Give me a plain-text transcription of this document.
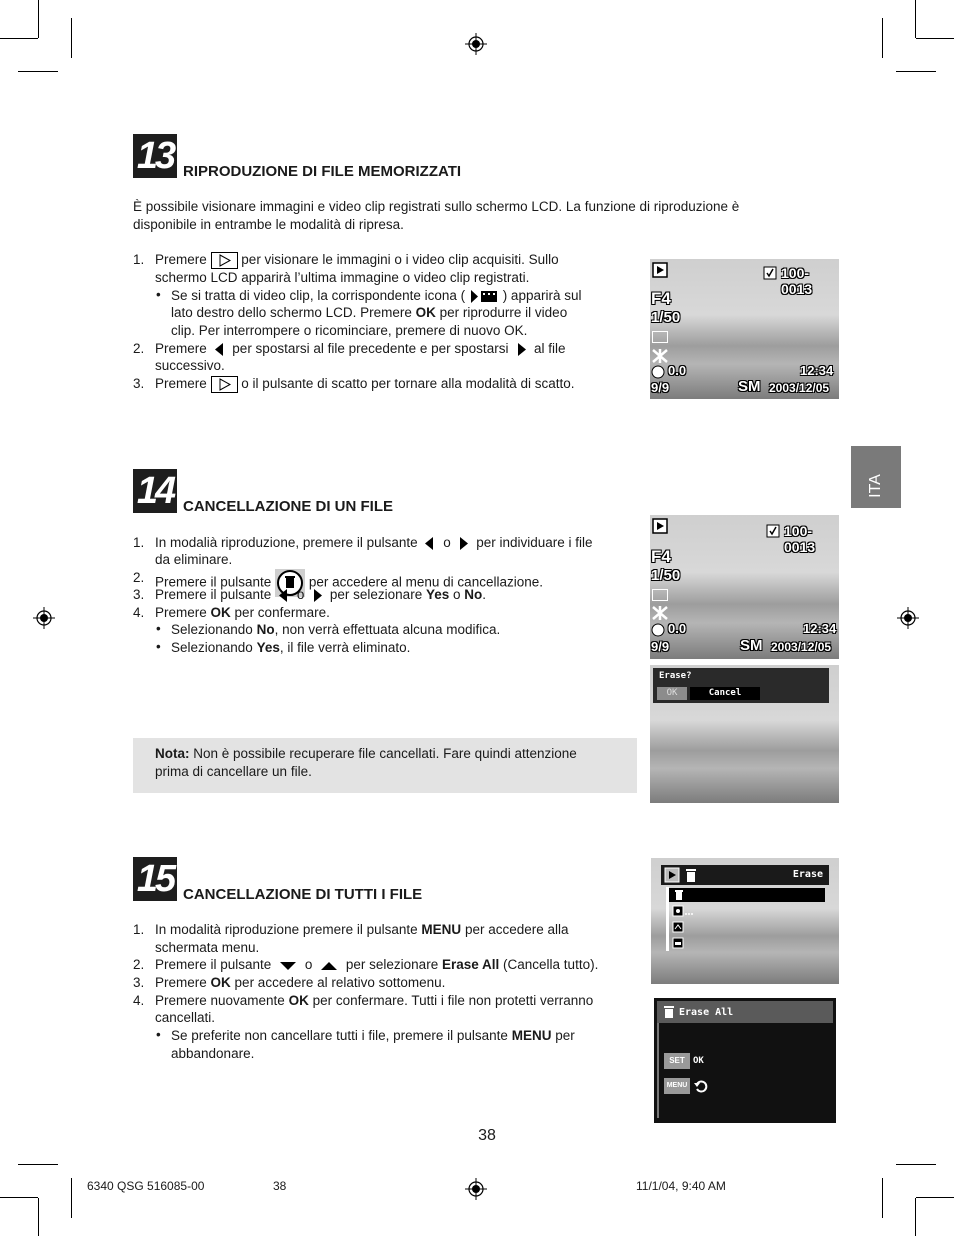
ITA
13 RIPRODUZIONE DI FILE MEMORIZZATI
È possibile visionare immagini e video clip registrati sullo schermo LCD. La funzione di riproduzione è
disponibile in entrambe le modalità di ripresa.
1. Premere	per visionare le immagini o i video clip acquisiti. Sullo
schermo LCD apparirà l’ultima immagine o video clip registrati.
• Se si tratta di video clip, la corrispondente icona (	) apparirà sul
lato destro dello schermo LCD. Premere OK per riprodurre il video
clip. Per interrompere o ricominciare, premere di nuovo OK.
2. Premere per spostarsi al file precedente e per spostarsi al file
successivo.
3. Premere	o il pulsante di scatto per tornare alla modalità di scatto.
100-0013
F4
1/50
0.0	12:34
9/9	SM 2003/12/05
14 CANCELLAZIONE DI UN FILE
1. In modalià riproduzione, premere il pulsante o per individuare i file
da eliminare.
2. Premere il pulsante	per accedere al menu di cancellazione.
3. Premere il pulsante o per selezionare Yes o No.
4. Premere OK per confermare.
• Selezionando No, non verrà effettuata alcuna modifica.
• Selezionando Yes, il file verrà eliminato.
Nota: Non è possibile recuperare file cancellati. Fare quindi attenzione
prima di cancellare un file.
100-0013
F4
1/50
0.0	12:34
9/9	SM 2003/12/05
Erase?
OK	Cancel
15 CANCELLAZIONE DI TUTTI I FILE
1. In modalità riproduzione premere il pulsante MENU per accedere alla
schermata menu.
2. Premere il pulsante o per selezionare Erase All (Cancella tutto).
3. Premere OK per accedere al relativo sottomenu.
4. Premere nuovamente OK per confermare. Tutti i file non protetti verranno
cancellati.
• Se preferite non cancellare tutti i file, premere il pulsante MENU per
abbandonare.
Erase
Erase All
SET OK
MENU
38
6340 QSG 516085-00	38	11/1/04, 9:40 AM
